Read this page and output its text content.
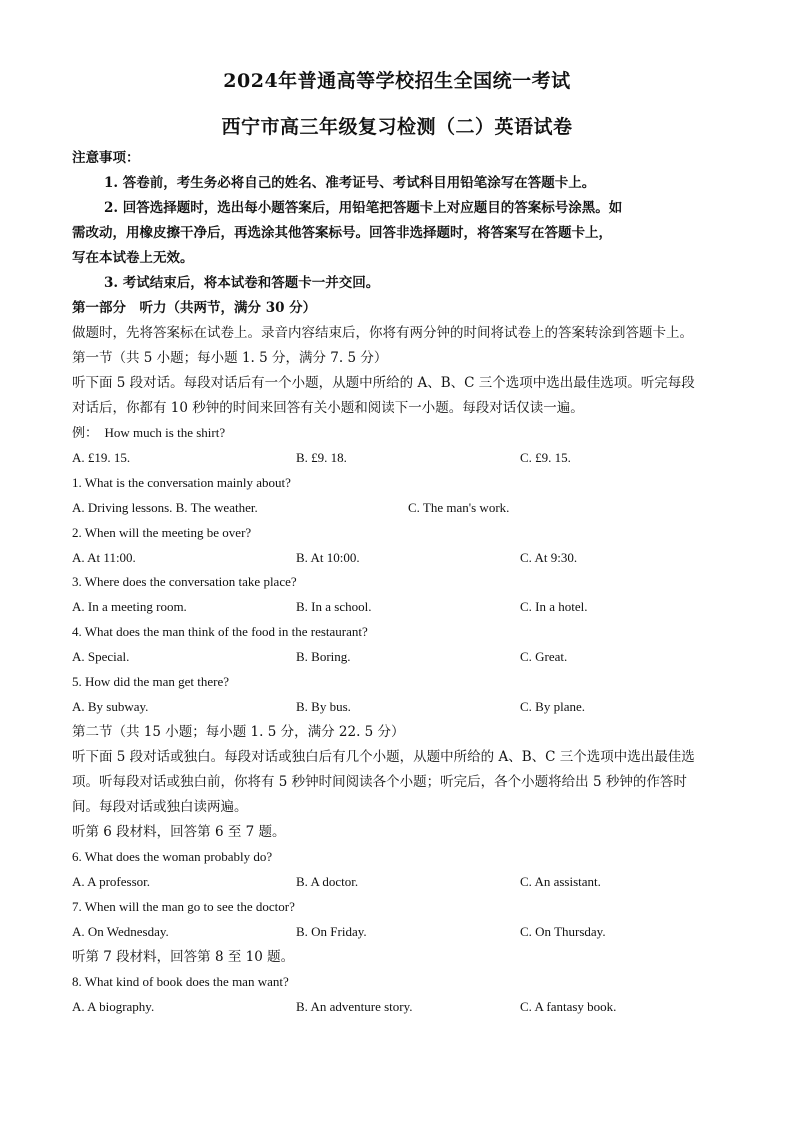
2024年普通高等学校招生全国统一考试
西宁市高三年级复习检测（二）英语试卷
注意事项：
1. 答卷前，考生务必将自己的姓名、准考证号、考试科目用铅笔涂写在答题卡上。
2. 回答选择题时，选出每小题答案后，用铅笔把答题卡上对应题目的答案标号涂黑。如
需改动，用橡皮擦干净后，再选涂其他答案标号。回答非选择题时，将答案写在答题卡上，
写在本试卷上无效。
3. 考试结束后，将本试卷和答题卡一并交回。
第一部分　听力（共两节，满分 30 分）
做题时，先将答案标在试卷上。录音内容结束后，你将有两分钟的时间将试卷上的答案转涂到答题卡上。
第一节（共 5 小题；每小题 1. 5 分，满分 7. 5 分）
听下面 5 段对话。每段对话后有一个小题，从题中所给的 A、B、C 三个选项中选出最佳选项。听完每段
对话后，你都有 10 秒钟的时间来回答有关小题和阅读下一小题。每段对话仅读一遍。
例：　How much is the shirt?
A. £19. 15.	B. £9. 18.	C. £9. 15.
1. What is the conversation mainly about?
A. Driving lessons. B. The weather.	C. The man's work.
2. When will the meeting be over?
A. At 11:00.	B. At 10:00.	C. At 9:30.
3. Where does the conversation take place?
A. In a meeting room.	B. In a school.	C. In a hotel.
4. What does the man think of the food in the restaurant?
A. Special.	B. Boring.	C. Great.
5. How did the man get there?
A. By subway.	B. By bus.	C. By plane.
第二节（共 15 小题；每小题 1. 5 分，满分 22. 5 分）
听下面 5 段对话或独白。每段对话或独白后有几个小题，从题中所给的 A、B、C 三个选项中选出最佳选
项。听每段对话或独白前，你将有 5 秒钟时间阅读各个小题；听完后，各个小题将给出 5 秒钟的作答时
间。每段对话或独白读两遍。
听第 6 段材料，回答第 6 至 7 题。
6. What does the woman probably do?
A. A professor.	B. A doctor.	C. An assistant.
7. When will the man go to see the doctor?
A. On Wednesday.	B. On Friday.	C. On Thursday.
听第 7 段材料，回答第 8 至 10 题。
8. What kind of book does the man want?
A. A biography.	B. An adventure story.	C. A fantasy book.
